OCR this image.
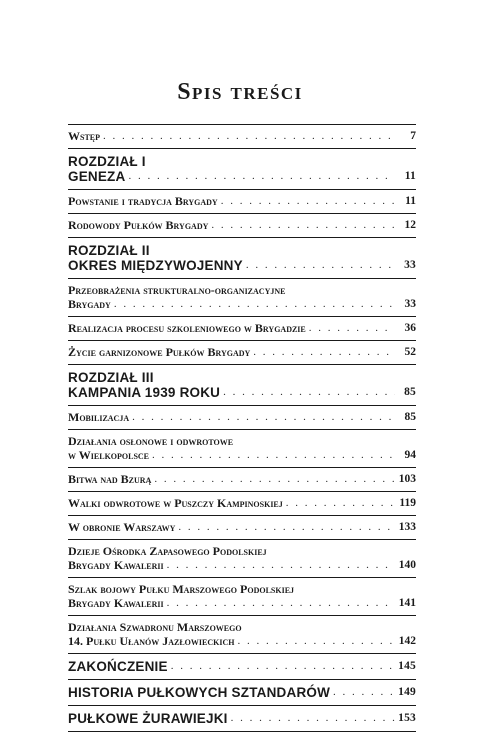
Spis treści
Wstęp . . .	7
ROZDZIAŁ I
GENEZA . . .	11
Powstanie i tradycja Brygady . . .	11
Rodowody Pułków Brygady . . .	12
ROZDZIAŁ II
OKRES MIĘDZYWOJENNY . . .	33
Przeobrażenia strukturalno-organizacyjne
Brygady . . .	33
Realizacja procesu szkoleniowego w Brygadzie . . .	36
Życie garnizonowe Pułków Brygady . . .	52
ROZDZIAŁ III
KAMPANIA 1939 ROKU . . .	85
Mobilizacja . . .	85
Działania osłonowe i odwrotowe
w Wielkopolsce . . .	94
Bitwa nad Bzurą . . .	103
Walki odwrotowe w Puszczy Kampinoskiej . . .	119
W obronie Warszawy . . .	133
Dzieje Ośrodka Zapasowego Podolskiej
Brygady Kawalerii . . .	140
Szlak bojowy Pułku Marszowego Podolskiej
Brygady Kawalerii . . .	141
Działania Szwadronu Marszowego
14. Pułku Ułanów Jazłowieckich . . .	142
ZAKOŃCZENIE . . .	145
HISTORIA PUŁKOWYCH SZTANDARÓW . . .	149
PUŁKOWE ŻURAWIEJKI . . .	153
